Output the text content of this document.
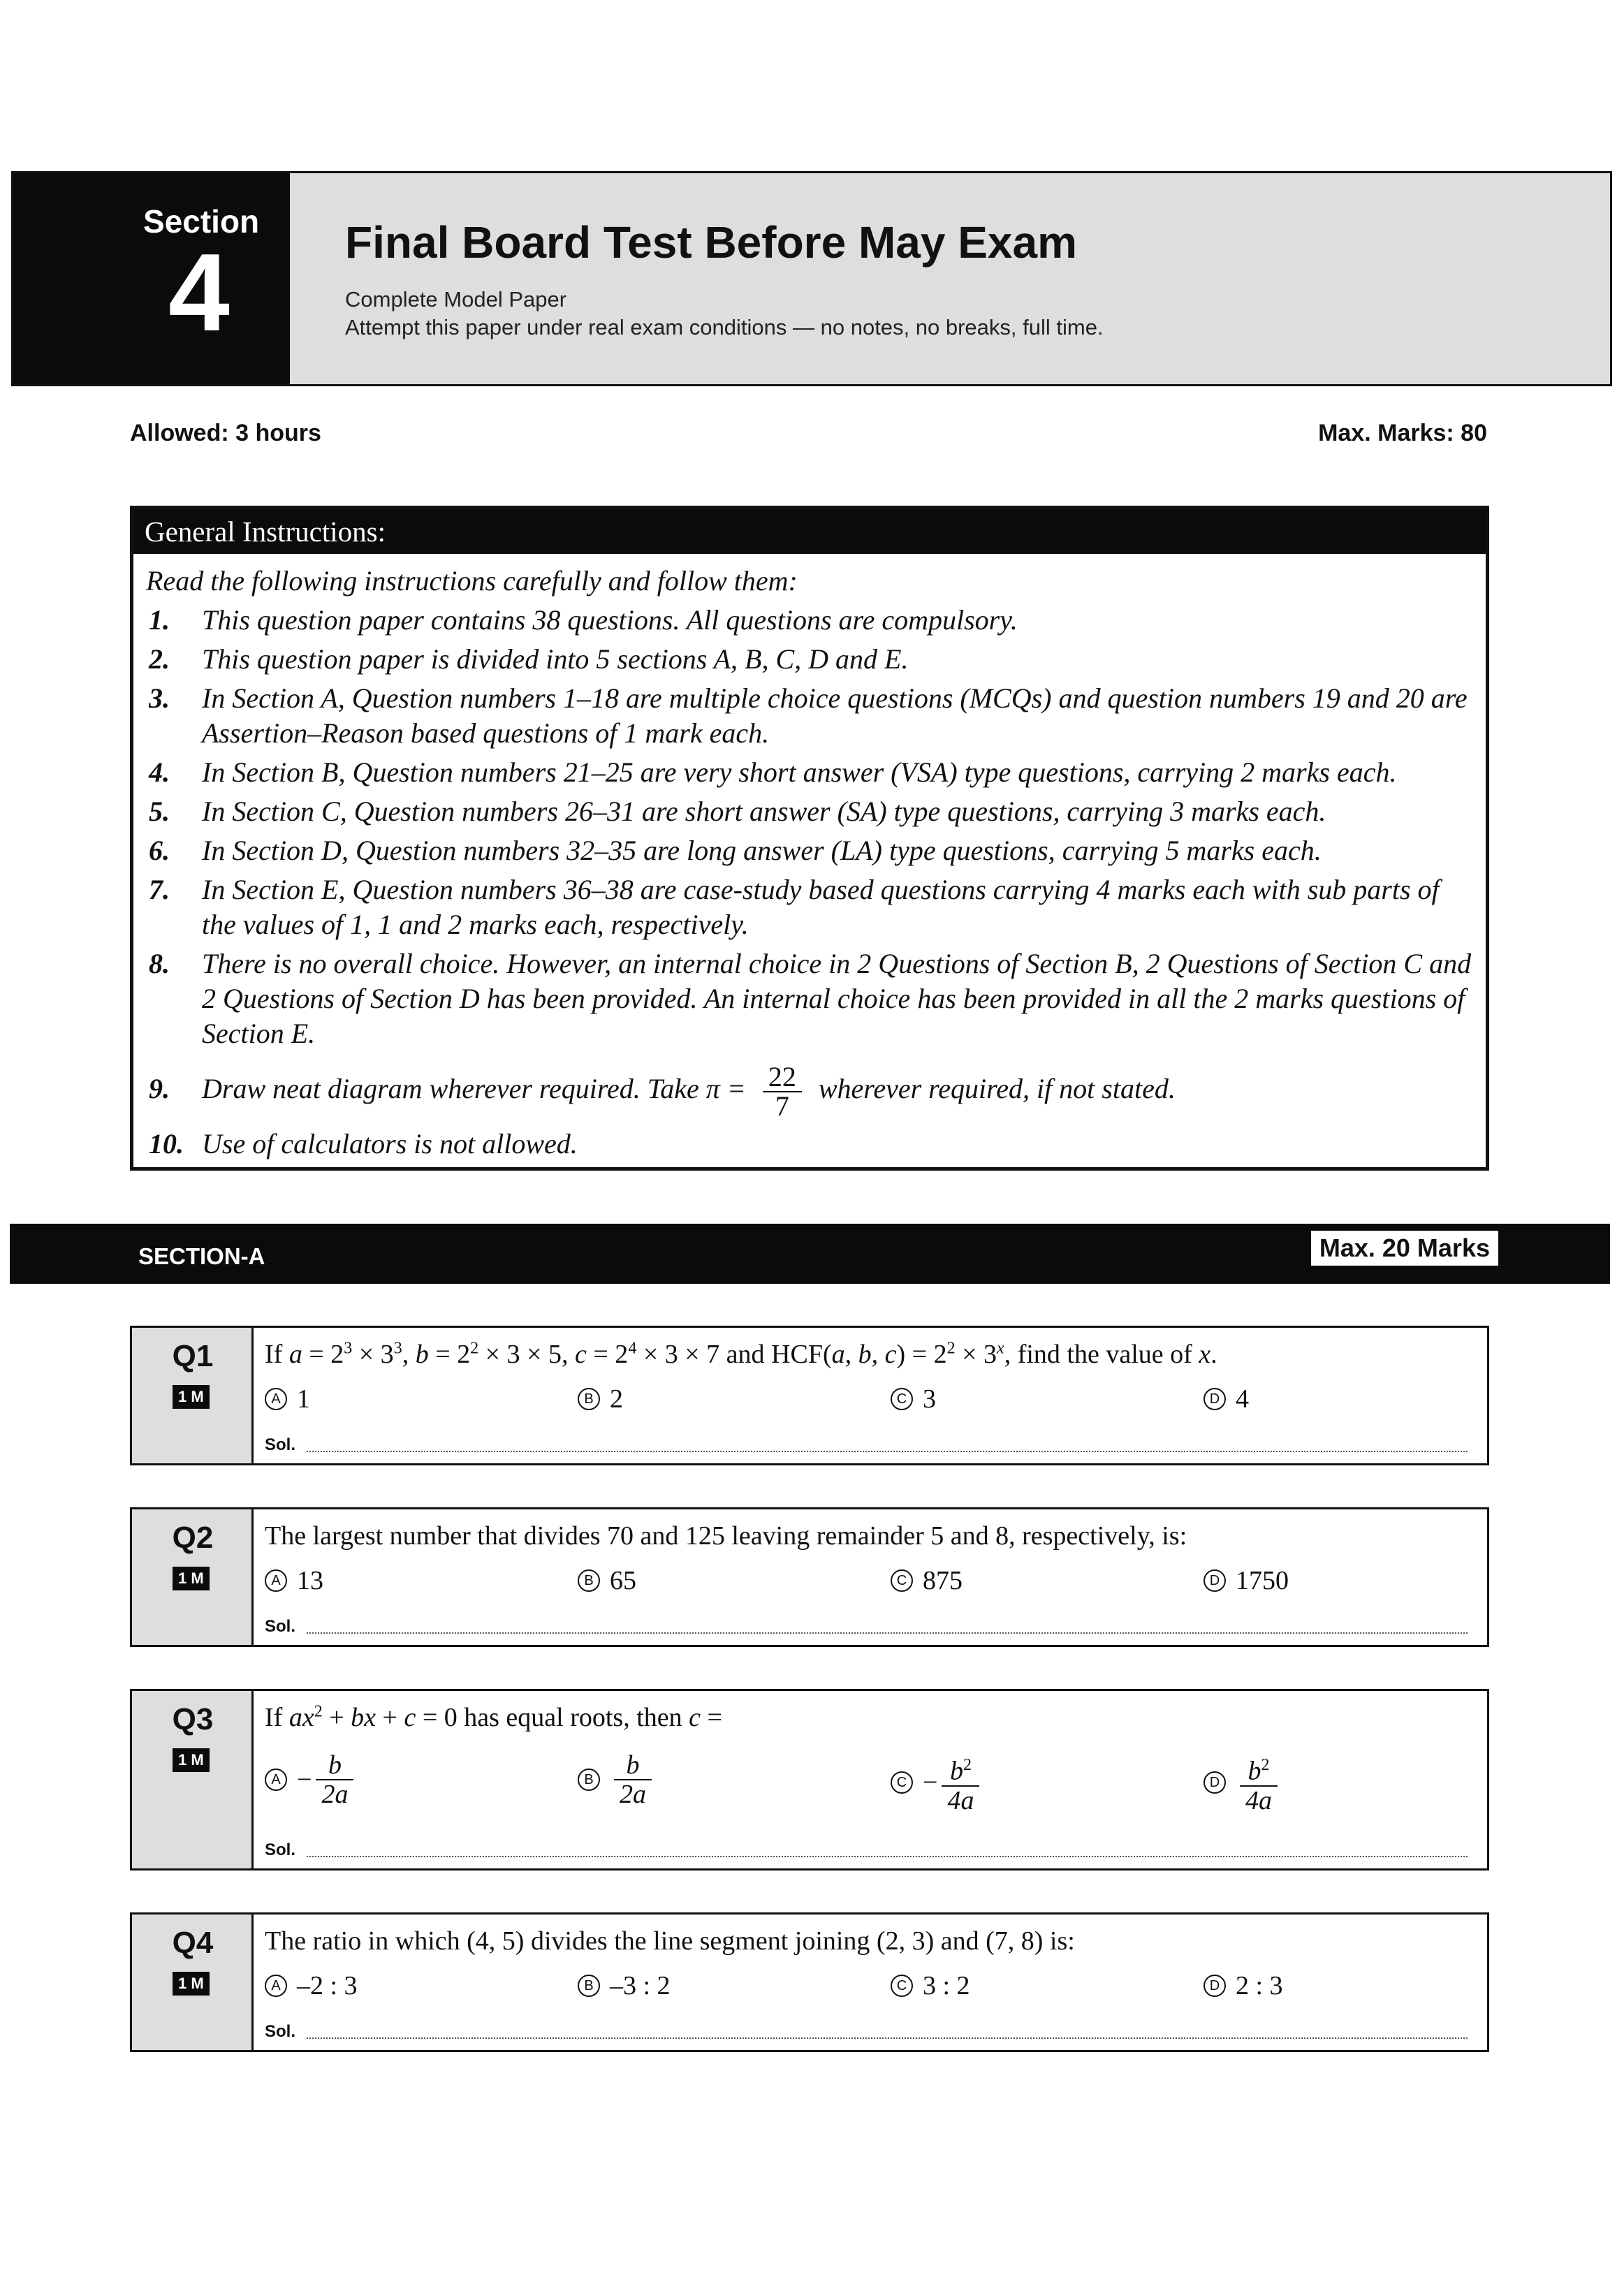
Section
4	Final Board Test Before May Exam
Complete Model Paper
Attempt this paper under real exam conditions — no notes, no breaks, full time.
Allowed: 3 hours	Max. Marks: 80
General Instructions:
Read the following instructions carefully and follow them:
1. This question paper contains 38 questions. All questions are compulsory.
2. This question paper is divided into 5 sections A, B, C, D and E.
3. In Section A, Question numbers 1–18 are multiple choice questions (MCQs) and question numbers 19 and 20 are Assertion–Reason based questions of 1 mark each.
4. In Section B, Question numbers 21–25 are very short answer (VSA) type questions, carrying 2 marks each.
5. In Section C, Question numbers 26–31 are short answer (SA) type questions, carrying 3 marks each.
6. In Section D, Question numbers 32–35 are long answer (LA) type questions, carrying 5 marks each.
7. In Section E, Question numbers 36–38 are case-study based questions carrying 4 marks each with sub parts of the values of 1, 1 and 2 marks each, respectively.
8. There is no overall choice. However, an internal choice in 2 Questions of Section B, 2 Questions of Section C and 2 Questions of Section D has been provided. An internal choice has been provided in all the 2 marks questions of Section E.
9. Draw neat diagram wherever required. Take $\pi = \frac{22}{7}$ wherever required, if not stated.
10. Use of calculators is not allowed.
SECTION-A	Max. 20 Marks
Q1
1 M
If $a = 2^3 \times 3^3$, $b = 2^2 \times 3 \times 5$, $c = 2^4 \times 3 \times 7$ and HCF(a, b, $c) = 2^2 \times 3^x$, find the value of x.
A 1	B 2	C 3	D 4
Sol.
Q2
1 M
The largest number that divides 70 and 125 leaving remainder 5 and 8, respectively, is:
A 13	B 65	C 875	D 1750
Sol.
Q3
1 M
If $ax^2$ + bx + c = 0 has equal roots, then c =
$A - \frac{b}{2a}$	B $\frac{b}{2a}$	$C - \frac{b^2}{4a}$	D $\frac{b^2}{4a}$
Sol.
Q4
1 M
The ratio in which (4, 5) divides the line segment joining (2, 3) and (7, 8) is:
A –2 : 3	B –3 : 2	C 3 : 2	D 2 : 3
Sol.
